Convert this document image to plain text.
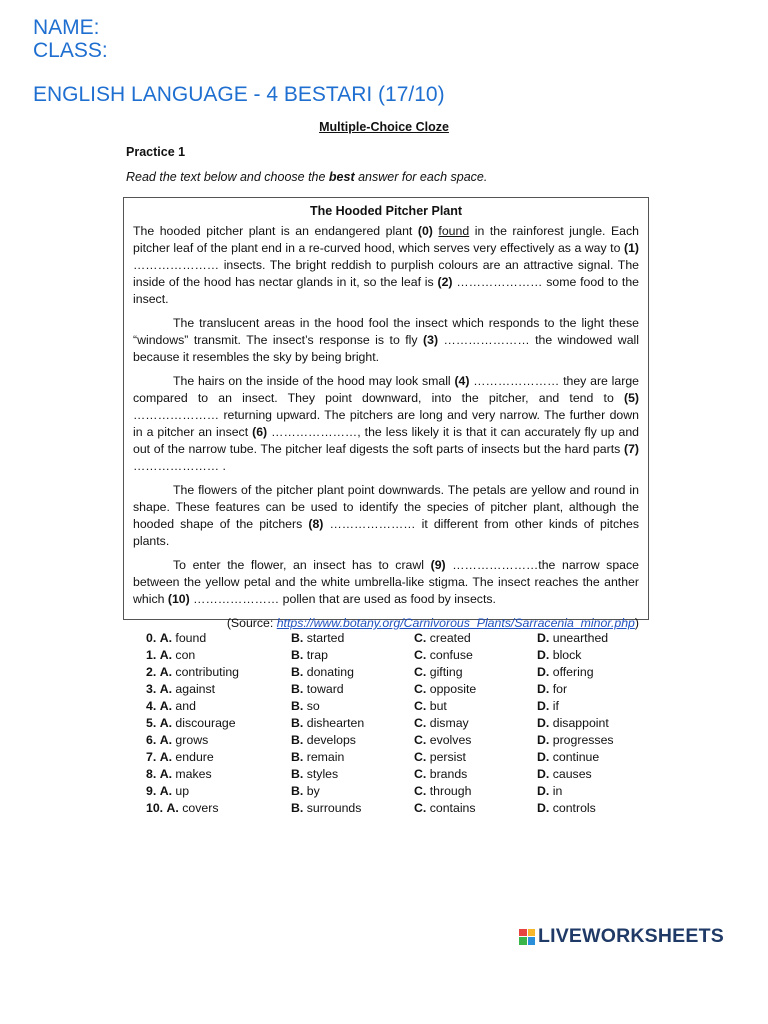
NAME:
CLASS:
ENGLISH LANGUAGE - 4 BESTARI (17/10)
Multiple-Choice Cloze
Practice 1
Read the text below and choose the best answer for each space.
The Hooded Pitcher Plant

The hooded pitcher plant is an endangered plant (0) found in the rainforest jungle. Each pitcher leaf of the plant end in a re-curved hood, which serves very effectively as a way to (1) ………………… insects. The bright reddish to purplish colours are an attractive signal. The inside of the hood has nectar glands in it, so the leaf is (2) ………………… some food to the insect.

The translucent areas in the hood fool the insect which responds to the light these “windows” transmit. The insect’s response is to fly (3) ………………… the windowed wall because it resembles the sky by being bright.

The hairs on the inside of the hood may look small (4) ………………… they are large compared to an insect. They point downward, into the pitcher, and tend to (5) ………………… returning upward. The pitchers are long and very narrow. The further down in a pitcher an insect (6) …………………, the less likely it is that it can accurately fly up and out of the narrow tube. The pitcher leaf digests the soft parts of insects but the hard parts (7) ………………… .

The flowers of the pitcher plant point downwards. The petals are yellow and round in shape. These features can be used to identify the species of pitcher plant, although the hooded shape of the pitchers (8) ………………… it different from other kinds of pitches plants.

To enter the flower, an insect has to crawl (9) …………………the narrow space between the yellow petal and the white umbrella-like stigma. The insect reaches the anther which (10) ………………… pollen that are used as food by insects.

(Source: https://www.botany.org/Carnivorous_Plants/Sarracenia_minor.php)
0. A. found	B. started	C. created	D. unearthed
1. A. con	B. trap	C. confuse	D. block
2. A. contributing	B. donating	C. gifting	D. offering
3. A. against	B. toward	C. opposite	D. for
4. A. and	B. so	C. but	D. if
5. A. discourage	B. dishearten	C. dismay	D. disappoint
6. A. grows	B. develops	C. evolves	D. progresses
7. A. endure	B. remain	C. persist	D. continue
8. A. makes	B. styles	C. brands	D. causes
9. A. up	B. by	C. through	D. in
10. A. covers	B. surrounds	C. contains	D. controls
LIVEWORKSHEETS
